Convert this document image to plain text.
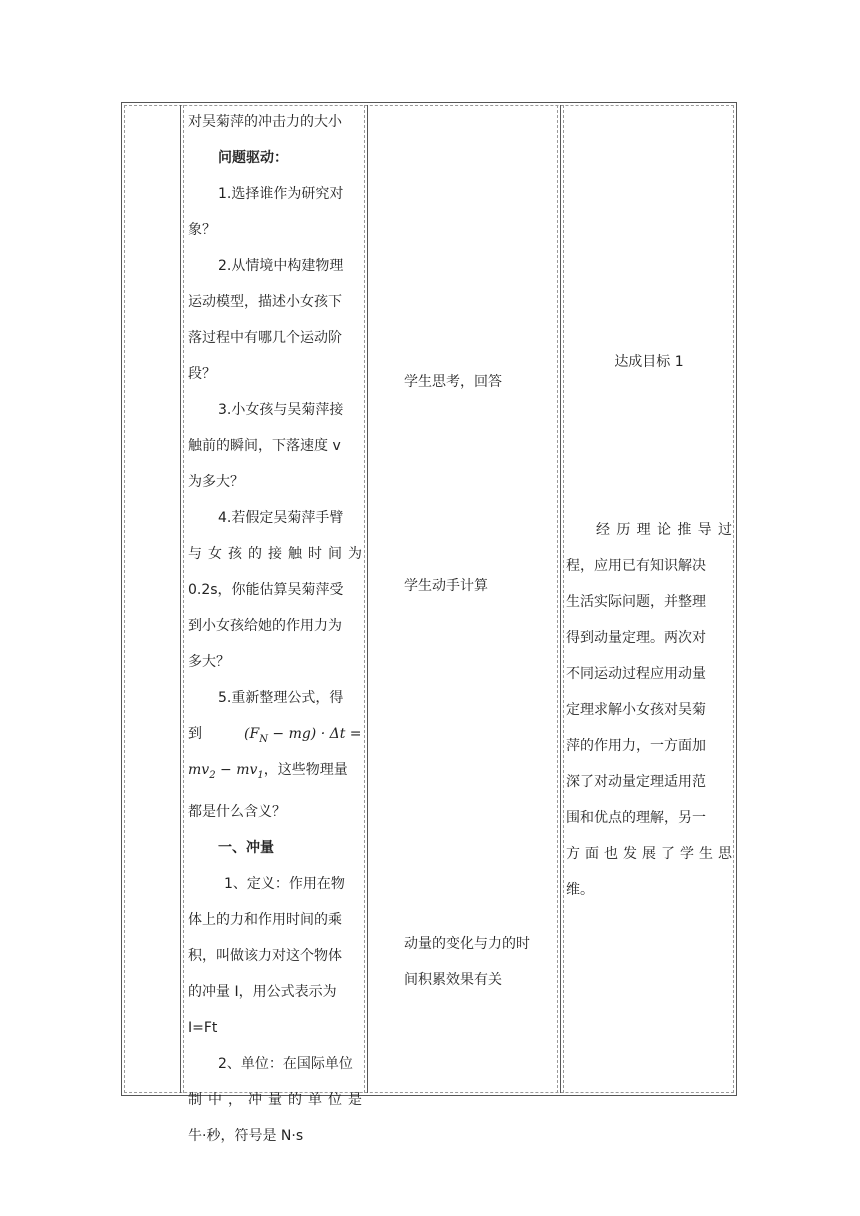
对吴菊萍的冲击力的大小

问题驱动：

1.选择谁作为研究对

象？

2.从情境中构建物理

运动模型，描述小女孩下

落过程中有哪几个运动阶

段？

3.小女孩与吴菊萍接

触前的瞬间，下落速度 v

为多大？

4.若假定吴菊萍手臂

与女孩的接触时间为

0.2s，你能估算吴菊萍受

到小女孩给她的作用力为

多大？

5.重新整理公式，得

到	$(F_N - mg) \cdot \Delta t$ =

$mv_2 - mv_1$，这些物理量

都是什么含义？

一、冲量

1、定义：作用在物

体上的力和作用时间的乘

积，叫做该力对这个物体

的冲量 I，用公式表示为

I=Ft

2、单位：在国际单位

制中，冲量的单位是

牛·秒，符号是 N·s

学生思考，回答
学生动手计算

动量的变化与力的时

间积累效果有关

达成目标 1

经历理论推导过

程，应用已有知识解决

生活实际问题，并整理

得到动量定理。两次对

不同运动过程应用动量

定理求解小女孩对吴菊

萍的作用力，一方面加

深了对动量定理适用范

围和优点的理解，另一

方面也发展了学生思

维。
